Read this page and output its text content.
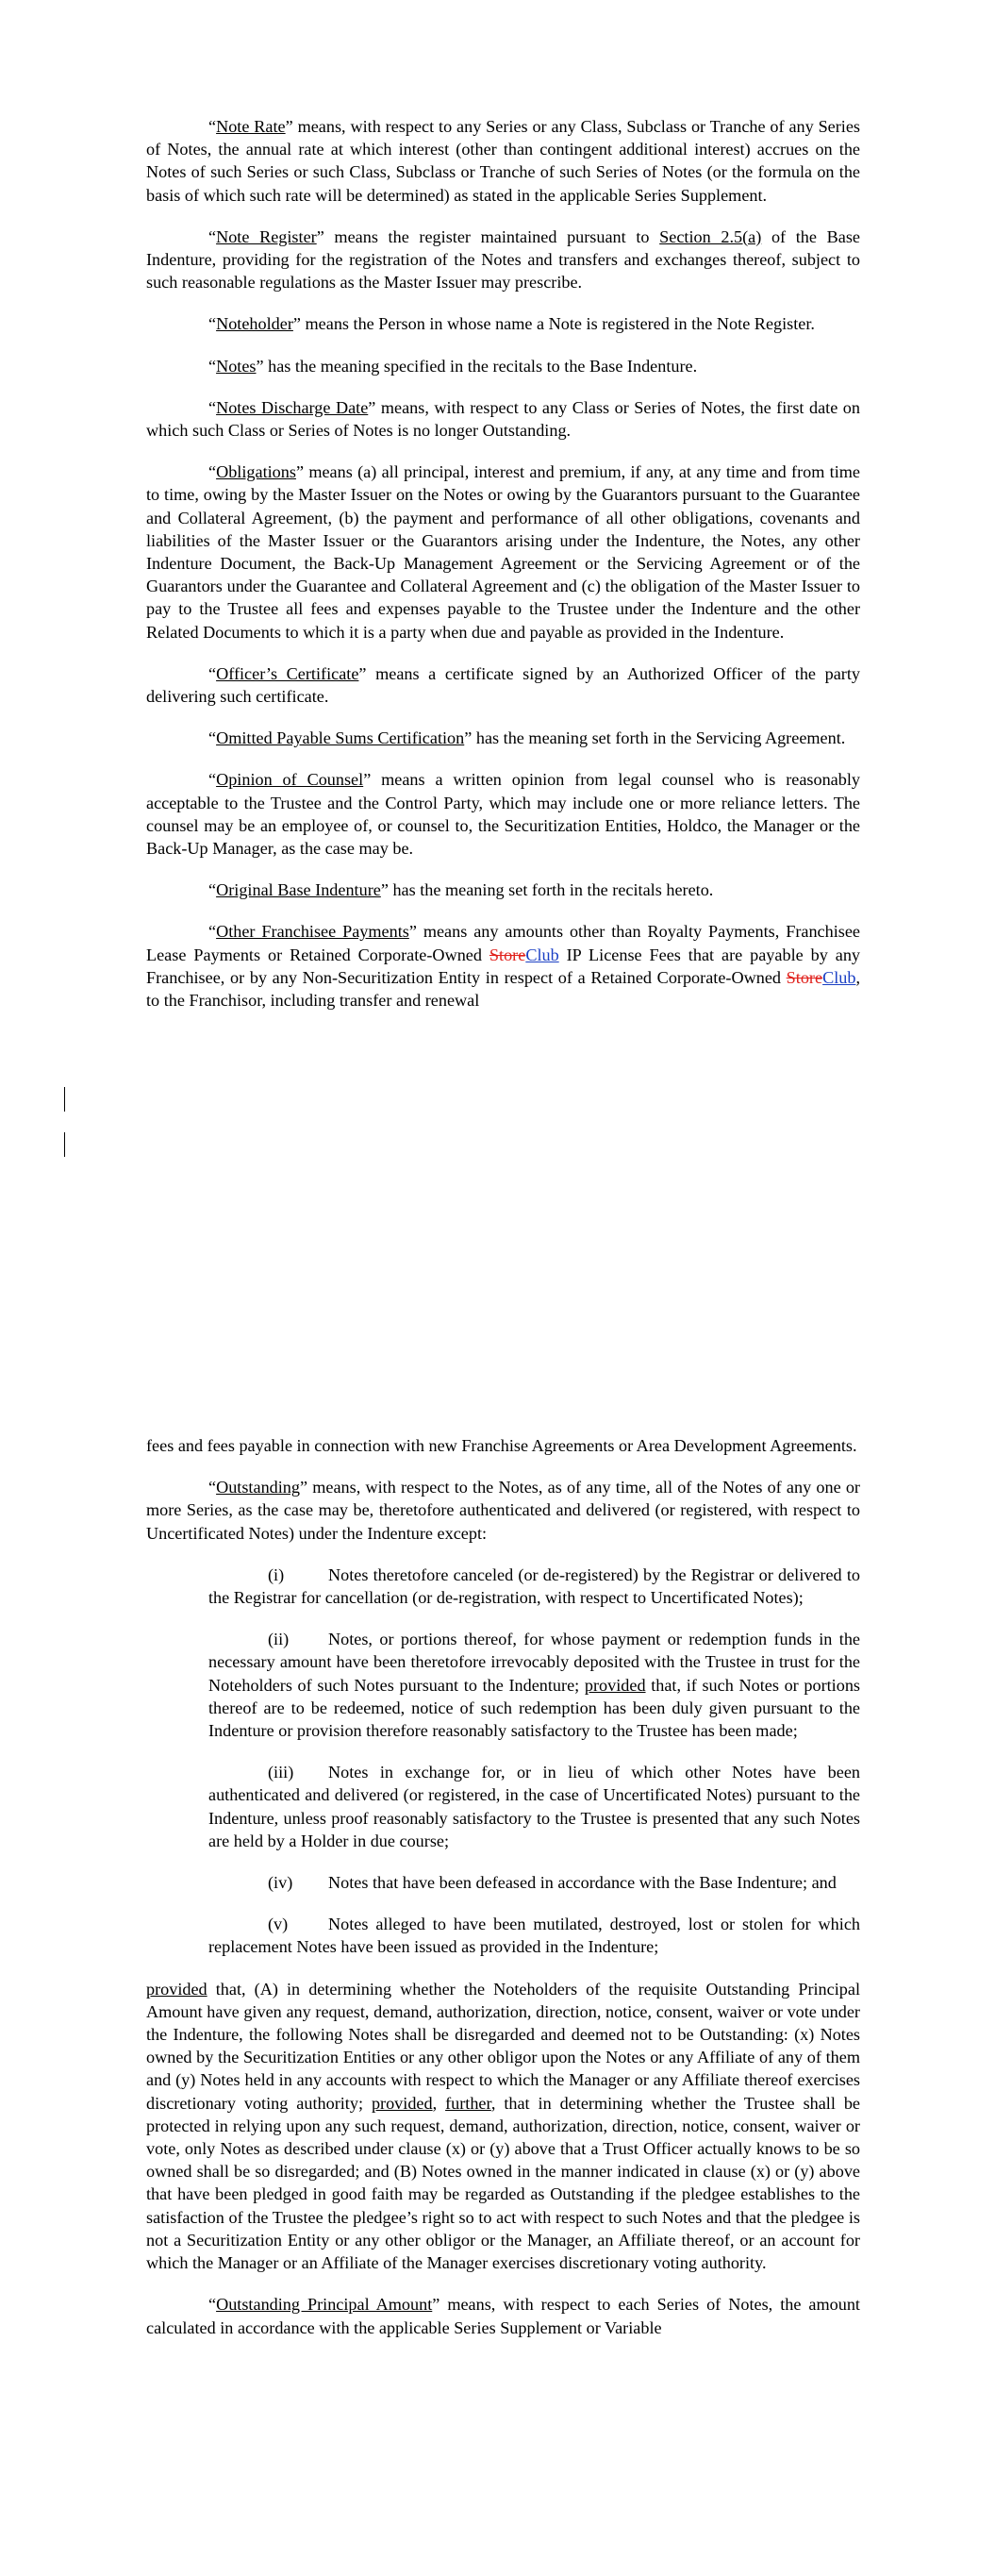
“Note Rate” means, with respect to any Series or any Class, Subclass or Tranche of any Series of Notes, the annual rate at which interest (other than contingent additional interest) accrues on the Notes of such Series or such Class, Subclass or Tranche of such Series of Notes (or the formula on the basis of which such rate will be determined) as stated in the applicable Series Supplement.

“Note Register” means the register maintained pursuant to Section 2.5(a) of the Base Indenture, providing for the registration of the Notes and transfers and exchanges thereof, subject to such reasonable regulations as the Master Issuer may prescribe.

“Noteholder” means the Person in whose name a Note is registered in the Note Register.

“Notes” has the meaning specified in the recitals to the Base Indenture.

“Notes Discharge Date” means, with respect to any Class or Series of Notes, the first date on which such Class or Series of Notes is no longer Outstanding.

“Obligations” means (a) all principal, interest and premium, if any, at any time and from time to time, owing by the Master Issuer on the Notes or owing by the Guarantors pursuant to the Guarantee and Collateral Agreement, (b) the payment and performance of all other obligations, covenants and liabilities of the Master Issuer or the Guarantors arising under the Indenture, the Notes, any other Indenture Document, the Back-Up Management Agreement or the Servicing Agreement or of the Guarantors under the Guarantee and Collateral Agreement and (c) the obligation of the Master Issuer to pay to the Trustee all fees and expenses payable to the Trustee under the Indenture and the other Related Documents to which it is a party when due and payable as provided in the Indenture.

“Officer’s Certificate” means a certificate signed by an Authorized Officer of the party delivering such certificate.

“Omitted Payable Sums Certification” has the meaning set forth in the Servicing Agreement.

“Opinion of Counsel” means a written opinion from legal counsel who is reasonably acceptable to the Trustee and the Control Party, which may include one or more reliance letters. The counsel may be an employee of, or counsel to, the Securitization Entities, Holdco, the Manager or the Back-Up Manager, as the case may be.

“Original Base Indenture” has the meaning set forth in the recitals hereto.

“Other Franchisee Payments” means any amounts other than Royalty Payments, Franchisee Lease Payments or Retained Corporate-Owned StoreClub IP License Fees that are payable by any Franchisee, or by any Non-Securitization Entity in respect of a Retained Corporate-Owned StoreClub, to the Franchisor, including transfer and renewal

fees and fees payable in connection with new Franchise Agreements or Area Development Agreements.

“Outstanding” means, with respect to the Notes, as of any time, all of the Notes of any one or more Series, as the case may be, theretofore authenticated and delivered (or registered, with respect to Uncertificated Notes) under the Indenture except:

(i)	Notes theretofore canceled (or de-registered) by the Registrar or delivered to the Registrar for cancellation (or de-registration, with respect to Uncertificated Notes);

(ii) Notes, or portions thereof, for whose payment or redemption funds in the necessary amount have been theretofore irrevocably deposited with the Trustee in trust for the Noteholders of such Notes pursuant to the Indenture; provided that, if such Notes or portions thereof are to be redeemed, notice of such redemption has been duly given pursuant to the Indenture or provision therefore reasonably satisfactory to the Trustee has been made;

(iii) Notes in exchange for, or in lieu of which other Notes have been authenticated and delivered (or registered, in the case of Uncertificated Notes) pursuant to the Indenture, unless proof reasonably satisfactory to the Trustee is presented that any such Notes are held by a Holder in due course;

(iv) Notes that have been defeased in accordance with the Base Indenture; and

(v) Notes alleged to have been mutilated, destroyed, lost or stolen for which replacement Notes have been issued as provided in the Indenture;

provided that, (A) in determining whether the Noteholders of the requisite Outstanding Principal Amount have given any request, demand, authorization, direction, notice, consent, waiver or vote under the Indenture, the following Notes shall be disregarded and deemed not to be Outstanding: (x) Notes owned by the Securitization Entities or any other obligor upon the Notes or any Affiliate of any of them and (y) Notes held in any accounts with respect to which the Manager or any Affiliate thereof exercises discretionary voting authority; provided, further, that in determining whether the Trustee shall be protected in relying upon any such request, demand, authorization, direction, notice, consent, waiver or vote, only Notes as described under clause (x) or (y) above that a Trust Officer actually knows to be so owned shall be so disregarded; and (B) Notes owned in the manner indicated in clause (x) or (y) above that have been pledged in good faith may be regarded as Outstanding if the pledgee establishes to the satisfaction of the Trustee the pledgee’s right so to act with respect to such Notes and that the pledgee is not a Securitization Entity or any other obligor or the Manager, an Affiliate thereof, or an account for which the Manager or an Affiliate of the Manager exercises discretionary voting authority.

“Outstanding Principal Amount” means, with respect to each Series of Notes, the amount calculated in accordance with the applicable Series Supplement or Variable
